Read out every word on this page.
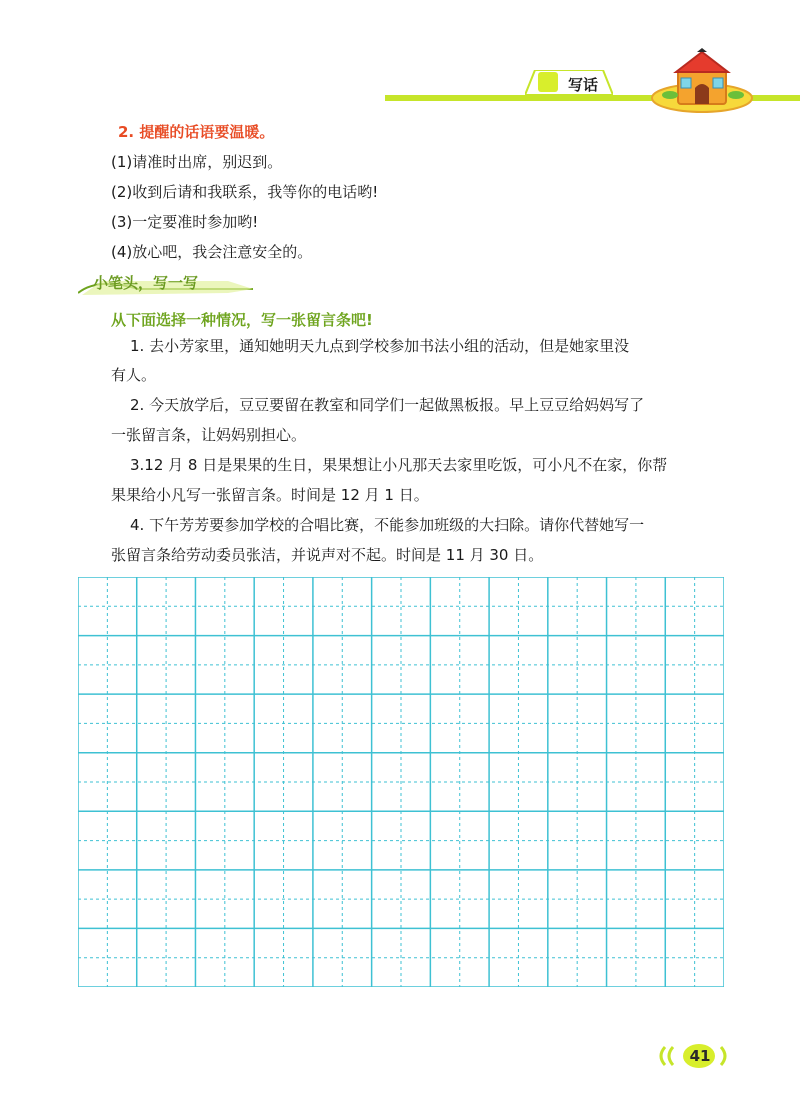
写话
2. 提醒的话语要温暖。
(1)请准时出席，别迟到。
(2)收到后请和我联系，我等你的电话哟!
(3)一定要准时参加哟!
(4)放心吧，我会注意安全的。
小笔头，写一写
从下面选择一种情况，写一张留言条吧!
1. 去小芳家里，通知她明天九点到学校参加书法小组的活动，但是她家里没
有人。
2. 今天放学后，豆豆要留在教室和同学们一起做黑板报。早上豆豆给妈妈写了
一张留言条，让妈妈别担心。
3.12 月 8 日是果果的生日，果果想让小凡那天去家里吃饭，可小凡不在家，你帮
果果给小凡写一张留言条。时间是 12 月 1 日。
4. 下午芳芳要参加学校的合唱比赛，不能参加班级的大扫除。请你代替她写一
张留言条给劳动委员张洁，并说声对不起。时间是 11 月 30 日。
41
